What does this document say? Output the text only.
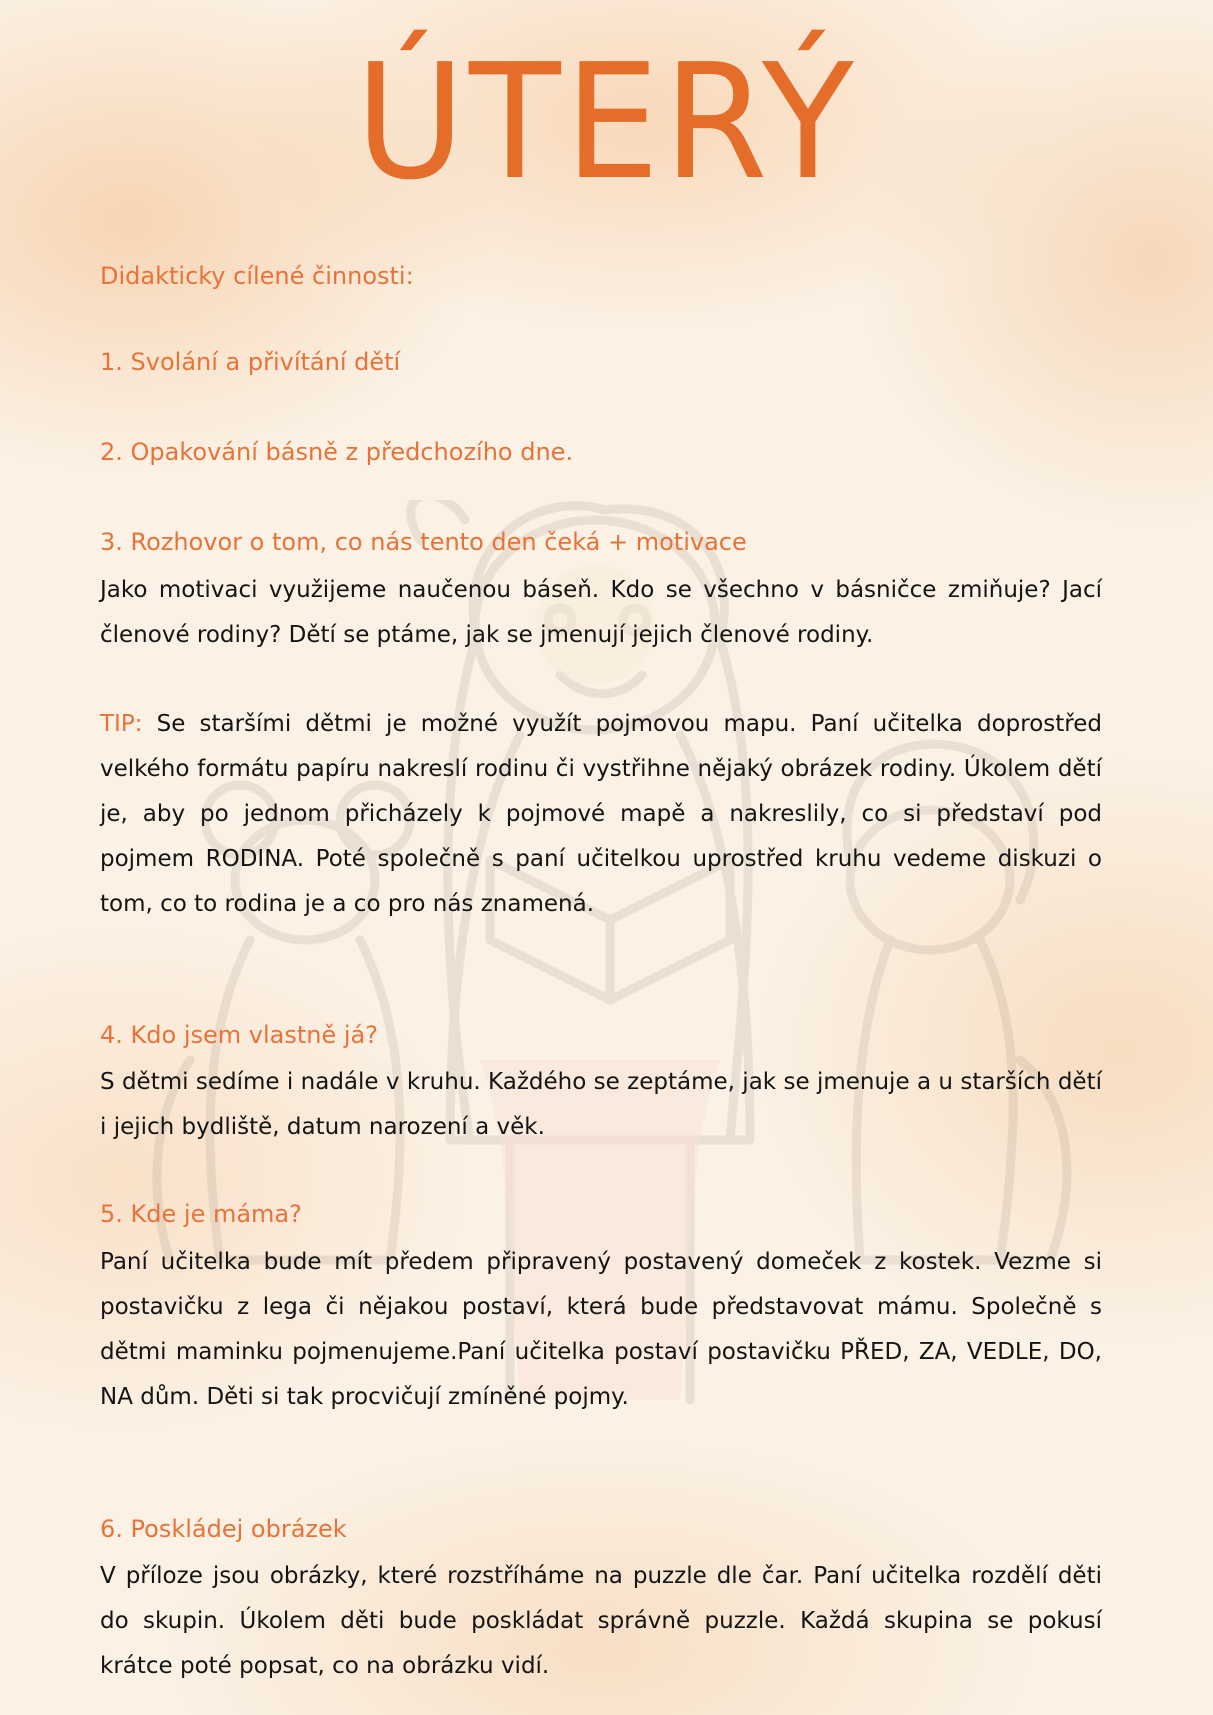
ÚTERÝ

Didakticky cílené činnosti:

1. Svolání a přivítání dětí

2. Opakování básně z předchozího dne.

3. Rozhovor o tom, co nás tento den čeká + motivace

Jako motivaci využijeme naučenou báseň. Kdo se všechno v básničce zmiňuje? Jací členové rodiny? Dětí se ptáme, jak se jmenují jejich členové rodiny.

TIP: Se staršími dětmi je možné využít pojmovou mapu. Paní učitelka doprostřed velkého formátu papíru nakreslí rodinu či vystřihne nějaký obrázek rodiny. Úkolem dětí je, aby po jednom přicházely k pojmové mapě a nakreslily, co si představí pod pojmem RODINA. Poté společně s paní učitelkou uprostřed kruhu vedeme diskuzi o tom, co to rodina je a co pro nás znamená.

4. Kdo jsem vlastně já?

S dětmi sedíme i nadále v kruhu. Každého se zeptáme, jak se jmenuje a u starších dětí i jejich bydliště, datum narození a věk.

5. Kde je máma?

Paní učitelka bude mít předem připravený postavený domeček z kostek. Vezme si postavičku z lega či nějakou postaví, která bude představovat mámu. Společně s dětmi maminku pojmenujeme.Paní učitelka postaví postavičku PŘED, ZA, VEDLE, DO, NA dům. Děti si tak procvičují zmíněné pojmy.

6. Poskládej obrázek

V příloze jsou obrázky, které rozstříháme na puzzle dle čar. Paní učitelka rozdělí děti do skupin. Úkolem děti bude poskládat správně puzzle. Každá skupina se pokusí krátce poté popsat, co na obrázku vidí.
